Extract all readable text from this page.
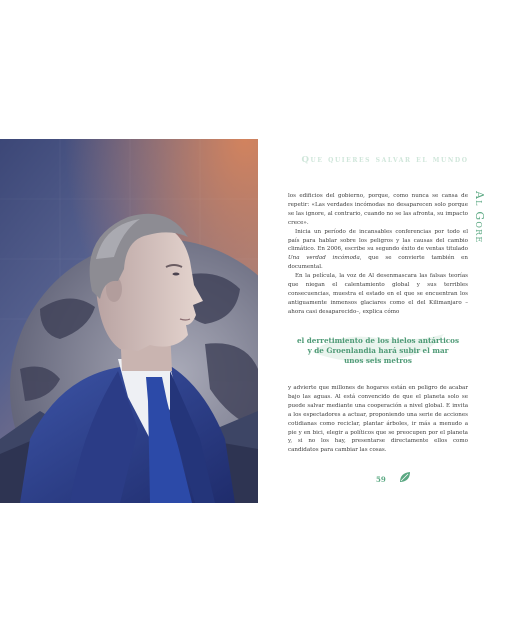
Que quieres salvar el mundo
Al Gore

los edificios del gobierno, porque, como nunca se cansa de repetir: «Las verdades incómodas no desaparecen solo porque se las ignore, al contrario, cuando no se las afronta, su impacto crece».

Inicia un período de incansables conferencias por todo el país para hablar sobre los peligros y las causas del cambio climático. En 2006, escribe su segundo éxito de ventas titulado Una verdad incómoda, que se convierte también en documental.

En la película, la voz de Al desenmascara las falsas teorías que niegan el calentamiento global y sus terribles consecuencias, muestra el estado en el que se encuentran los antiguamente inmensos glaciares como el del Kilimanjaro –ahora casi desaparecido–, explica cómo

el derretimiento de los hielos antárticos
y de Groenlandia hará subir el mar
unos seis metros

y advierte que millones de hogares están en peligro de acabar bajo las aguas. Al está convencido de que el planeta solo se puede salvar mediante una cooperación a nivel global. E invita a los espectadores a actuar, proponiendo una serie de acciones cotidianas como reciclar, plantar árboles, ir más a menudo a pie y en bici, elegir a políticos que se preocupen por el planeta y, si no los hay, presentarse directamente ellos como candidatos para cambiar las cosas.

59
